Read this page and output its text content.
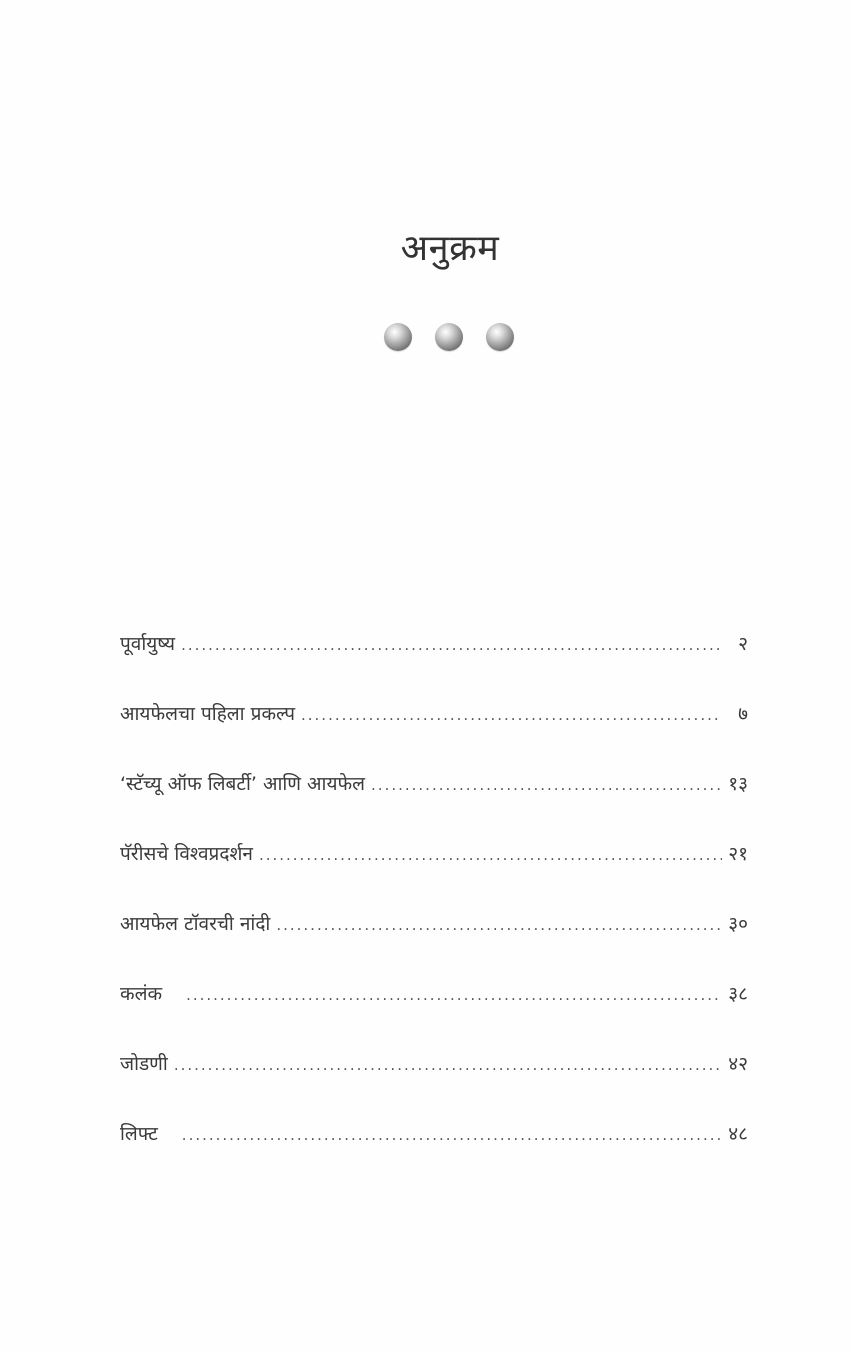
अनुक्रम
पूर्वायुष्य .....	२
आयफेलचा पहिला प्रकल्प .....	७
‘स्टॅच्यू ऑफ लिबर्टी’ आणि आयफेल .....	१३
पॅरीसचे विश्वप्रदर्शन .....	२१
आयफेल टॉवरची नांदी .....	३०
कलंक .....	३८
जोडणी .....	४२
लिफ्ट .....	४८
